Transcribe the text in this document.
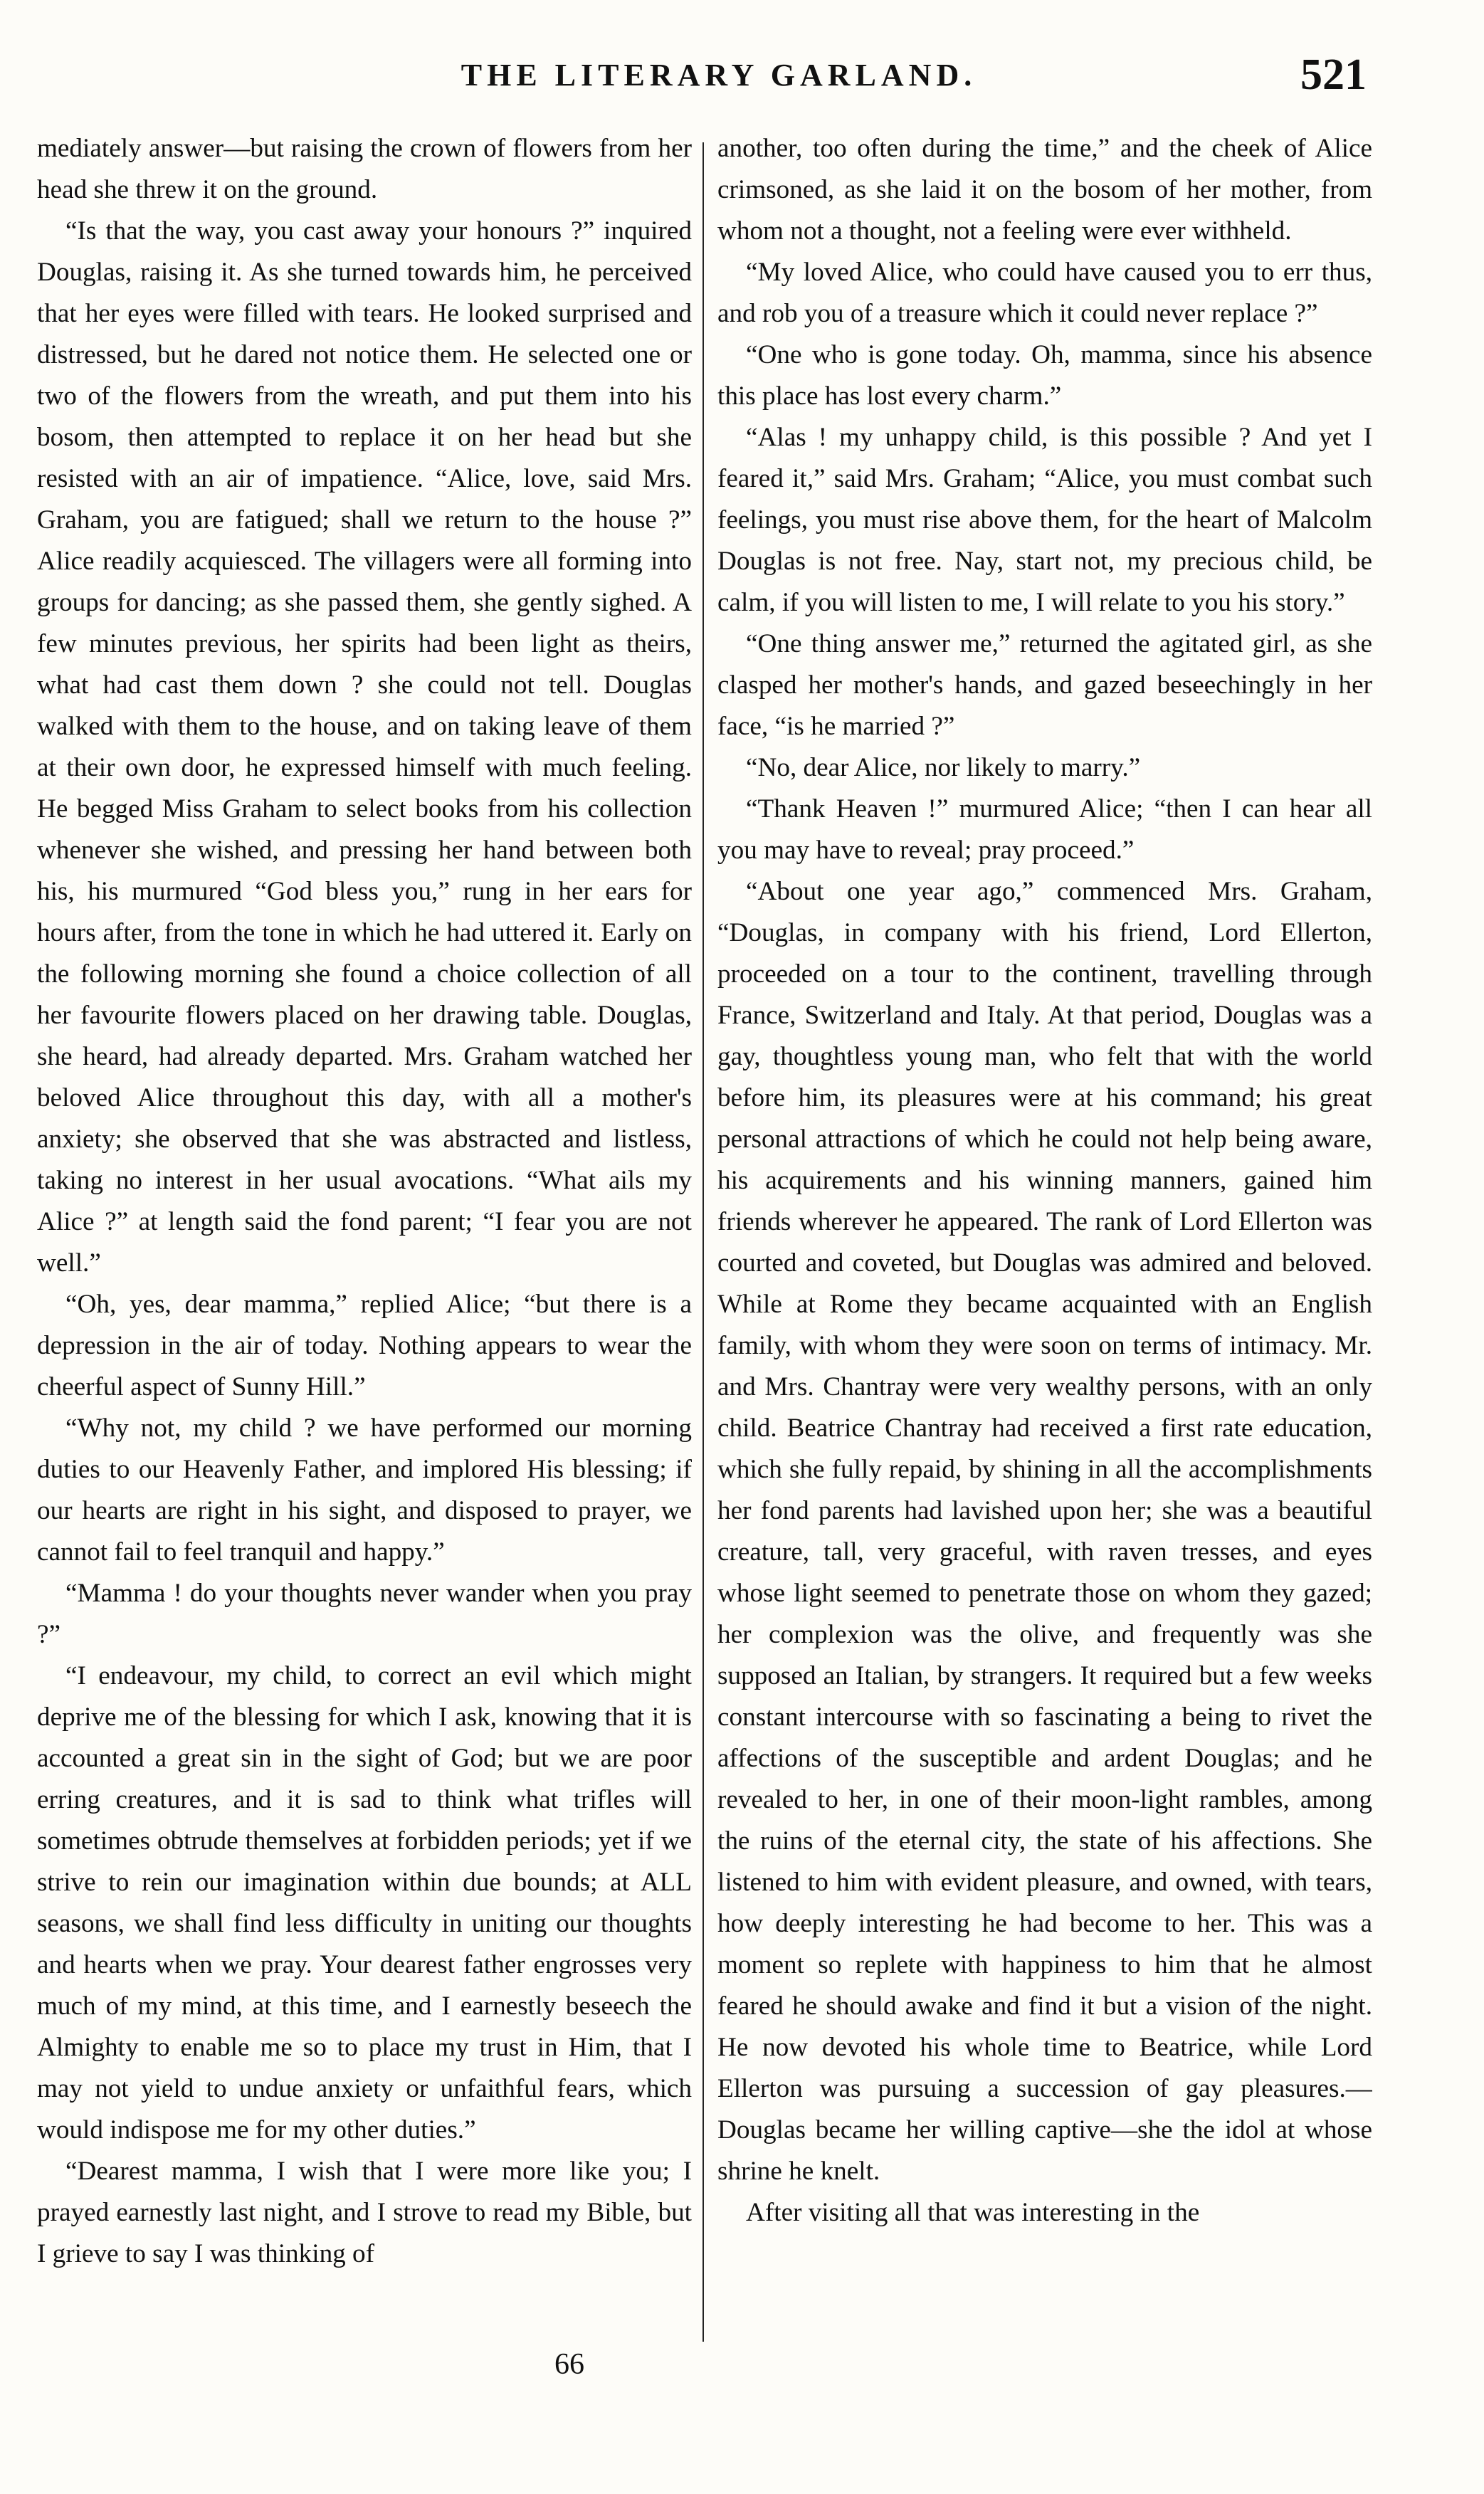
THE LITERARY GARLAND.	521

mediately answer—but raising the crown of flowers from her head she threw it on the ground.

“Is that the way, you cast away your honours ?” inquired Douglas, raising it. As she turned towards him, he perceived that her eyes were filled with tears. He looked surprised and distressed, but he dared not notice them. He selected one or two of the flowers from the wreath, and put them into his bosom, then attempted to replace it on her head but she resisted with an air of impatience. “Alice, love, said Mrs. Graham, you are fatigued; shall we return to the house ?” Alice readily acquiesced. The villagers were all forming into groups for dancing; as she passed them, she gently sighed. A few minutes previous, her spirits had been light as theirs, what had cast them down ? she could not tell. Douglas walked with them to the house, and on taking leave of them at their own door, he expressed himself with much feeling. He begged Miss Graham to select books from his collection whenever she wished, and pressing her hand between both his, his murmured “God bless you,” rung in her ears for hours after, from the tone in which he had uttered it. Early on the following morning she found a choice collection of all her favourite flowers placed on her drawing table. Douglas, she heard, had already departed. Mrs. Graham watched her beloved Alice throughout this day, with all a mother's anxiety; she observed that she was abstracted and listless, taking no interest in her usual avocations. “What ails my Alice ?” at length said the fond parent; “I fear you are not well.”

“Oh, yes, dear mamma,” replied Alice; “but there is a depression in the air of today. Nothing appears to wear the cheerful aspect of Sunny Hill.”

“Why not, my child ? we have performed our morning duties to our Heavenly Father, and implored His blessing; if our hearts are right in his sight, and disposed to prayer, we cannot fail to feel tranquil and happy.”

“Mamma ! do your thoughts never wander when you pray ?”

“I endeavour, my child, to correct an evil which might deprive me of the blessing for which I ask, knowing that it is accounted a great sin in the sight of God; but we are poor erring creatures, and it is sad to think what trifles will sometimes obtrude themselves at forbidden periods; yet if we strive to rein our imagination within due bounds; at ALL seasons, we shall find less difficulty in uniting our thoughts and hearts when we pray. Your dearest father engrosses very much of my mind, at this time, and I earnestly beseech the Almighty to enable me so to place my trust in Him, that I may not yield to undue anxiety or unfaithful fears, which would indispose me for my other duties.”

“Dearest mamma, I wish that I were more like you; I prayed earnestly last night, and I strove to read my Bible, but I grieve to say I was thinking of

another, too often during the time,” and the cheek of Alice crimsoned, as she laid it on the bosom of her mother, from whom not a thought, not a feeling were ever withheld.

“My loved Alice, who could have caused you to err thus, and rob you of a treasure which it could never replace ?”

“One who is gone today. Oh, mamma, since his absence this place has lost every charm.”

“Alas ! my unhappy child, is this possible ? And yet I feared it,” said Mrs. Graham; “Alice, you must combat such feelings, you must rise above them, for the heart of Malcolm Douglas is not free. Nay, start not, my precious child, be calm, if you will listen to me, I will relate to you his story.”

“One thing answer me,” returned the agitated girl, as she clasped her mother's hands, and gazed beseechingly in her face, “is he married ?”

“No, dear Alice, nor likely to marry.”

“Thank Heaven !” murmured Alice; “then I can hear all you may have to reveal; pray proceed.”

“About one year ago,” commenced Mrs. Graham, “Douglas, in company with his friend, Lord Ellerton, proceeded on a tour to the continent, travelling through France, Switzerland and Italy. At that period, Douglas was a gay, thoughtless young man, who felt that with the world before him, its pleasures were at his command; his great personal attractions of which he could not help being aware, his acquirements and his winning manners, gained him friends wherever he appeared. The rank of Lord Ellerton was courted and coveted, but Douglas was admired and beloved. While at Rome they became acquainted with an English family, with whom they were soon on terms of intimacy. Mr. and Mrs. Chantray were very wealthy persons, with an only child. Beatrice Chantray had received a first rate education, which she fully repaid, by shining in all the accomplishments her fond parents had lavished upon her; she was a beautiful creature, tall, very graceful, with raven tresses, and eyes whose light seemed to penetrate those on whom they gazed; her complexion was the olive, and frequently was she supposed an Italian, by strangers. It required but a few weeks constant intercourse with so fascinating a being to rivet the affections of the susceptible and ardent Douglas; and he revealed to her, in one of their moon-light rambles, among the ruins of the eternal city, the state of his affections. She listened to him with evident pleasure, and owned, with tears, how deeply interesting he had become to her. This was a moment so replete with happiness to him that he almost feared he should awake and find it but a vision of the night. He now devoted his whole time to Beatrice, while Lord Ellerton was pursuing a succession of gay pleasures.—Douglas became her willing captive—she the idol at whose shrine he knelt.

After visiting all that was interesting in the

66
